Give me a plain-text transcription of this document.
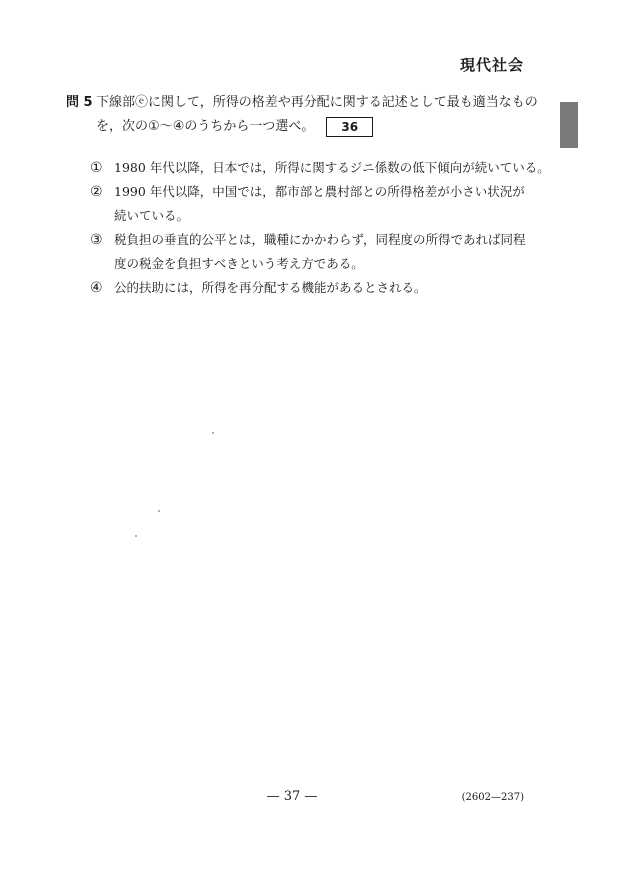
現代社会
問 5 下線部ⓔに関して，所得の格差や再分配に関する記述として最も適当なもの
を，次の①～④のうちから一つ選べ。 36
① 1980 年代以降，日本では，所得に関するジニ係数の低下傾向が続いている。
② 1990 年代以降，中国では，都市部と農村部との所得格差が小さい状況が
続いている。
③ 税負担の垂直的公平とは，職種にかかわらず，同程度の所得であれば同程
度の税金を負担すべきという考え方である。
④ 公的扶助には，所得を再分配する機能があるとされる。
— 37 —	(2602—237)
